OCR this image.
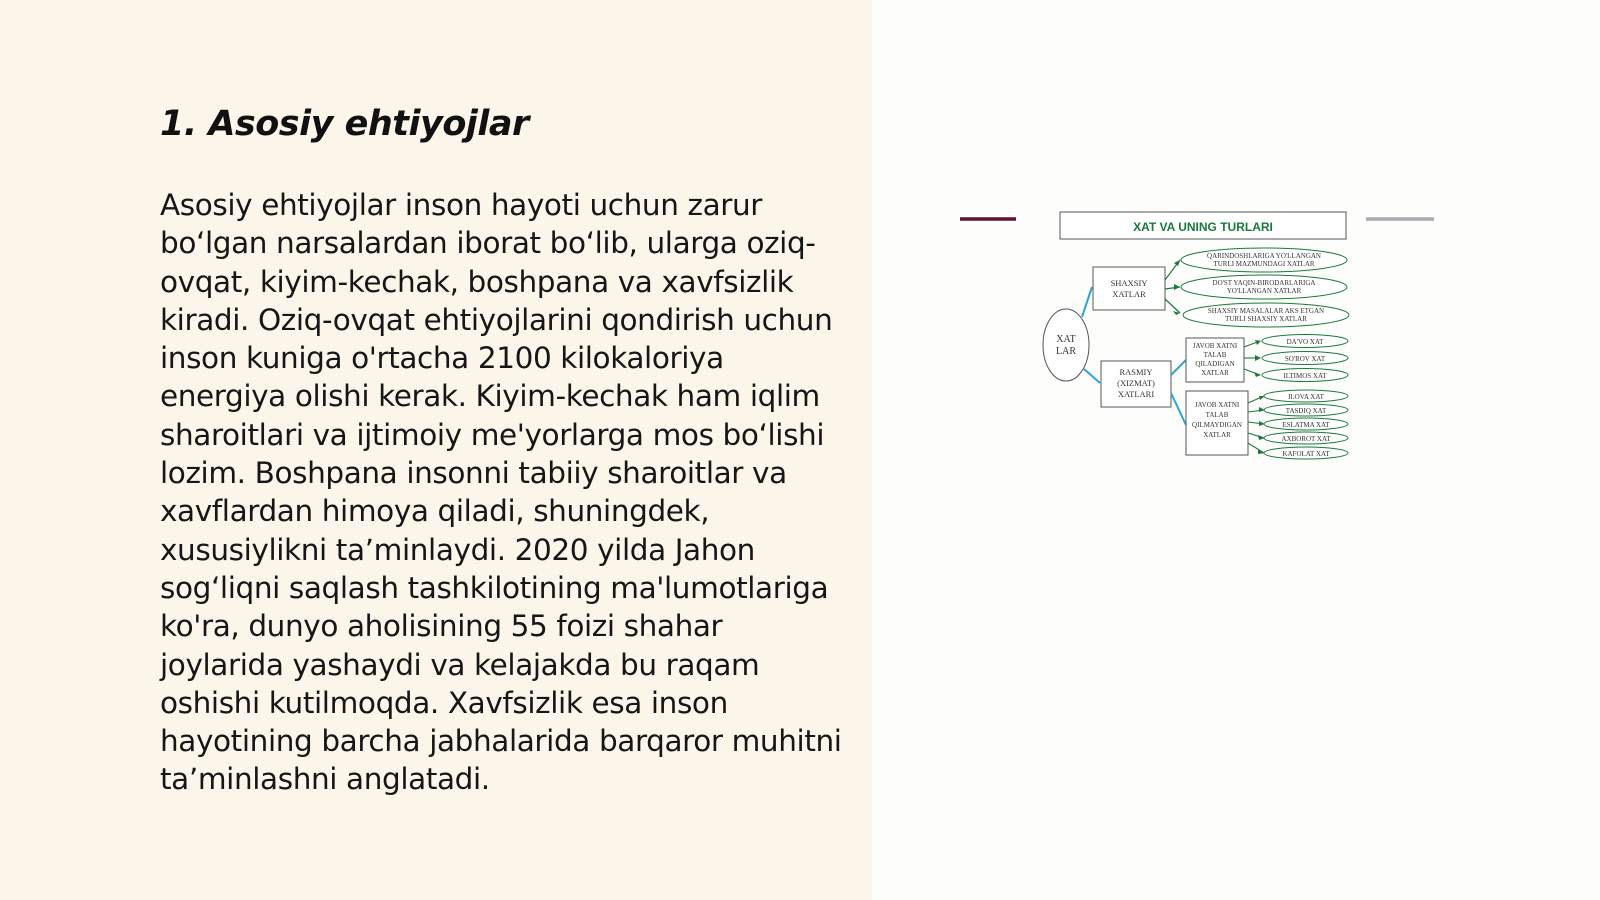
1. Asosiy ehtiyojlar

Asosiy ehtiyojlar inson hayoti uchun zarur bo‘lgan narsalardan iborat bo‘lib, ularga oziq-ovqat, kiyim-kechak, boshpana va xavfsizlik kiradi. Oziq-ovqat ehtiyojlarini qondirish uchun inson kuniga o'rtacha 2100 kilokaloriya energiya olishi kerak. Kiyim-kechak ham iqlim sharoitlari va ijtimoiy me'yorlarga mos bo‘lishi lozim. Boshpana insonni tabiiy sharoitlar va xavflardan himoya qiladi, shuningdek, xususiylikni ta’minlaydi. 2020 yilda Jahon sog‘liqni saqlash tashkilotining ma'lumotlariga ko'ra, dunyo aholisining 55 foizi shahar joylarida yashaydi va kelajakda bu raqam oshishi kutilmoqda. Xavfsizlik esa inson hayotining barcha jabhalarida barqaror muhitni ta’minlashni anglatadi.

XAT VA UNING TURLARI
XAT
LAR
SHAXSIY
XATLAR
QARINDOSHLARIGA YO'LLANGAN
TURLI MAZMUNDAGI XATLAR
DO'ST YAQIN-BIRODARLARIGA
YO'LLANGAN XATLAR
SHAXSIY MASALALAR AKS ETGAN
TURLI SHAXSIY XATLAR
RASMIY
(XIZMAT)
XATLARI
JAVOB XATNI
TALAB
QILADIGAN
XATLAR
DA'VO XAT
SO'ROV XAT
ILTIMOS XAT
JAVOB XATNI
TALAB
QILMAYDIGAN
XATLAR
ILOVA XAT
TASDIQ XAT
ESLATMA XAT
AXBOROT XAT
KAFOLAT XAT
